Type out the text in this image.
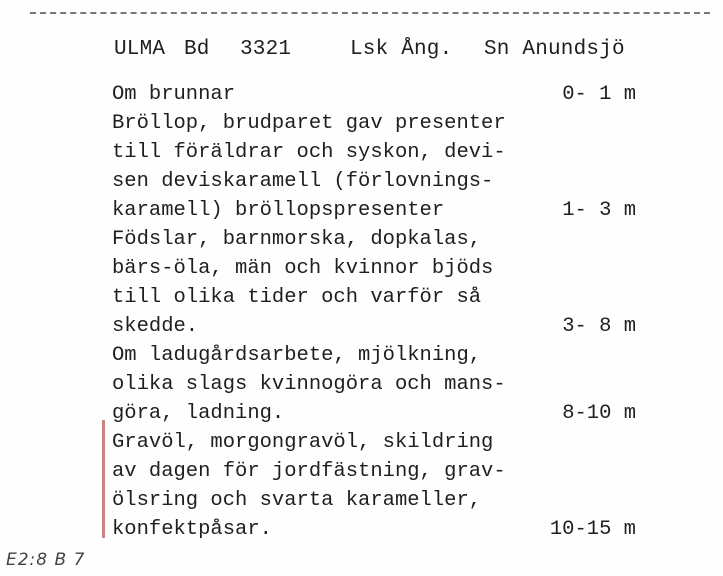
ULMA Bd 3321	Lsk Ång. Sn Anundsjö
Om brunnar	0- 1 m
Bröllop, brudparet gav presenter
till föräldrar och syskon, devi-
sen deviskaramell (förlovnings-
karamell) bröllopspresenter	1- 3 m
Födslar, barnmorska, dopkalas,
bärs-öla, män och kvinnor bjöds
till olika tider och varför så
skedde.	3- 8 m
Om ladugårdsarbete, mjölkning,
olika slags kvinnogöra och mans-
göra, ladning.	8-10 m
Gravöl, morgongravöl, skildring
av dagen för jordfästning, grav-
ölsring och svarta karameller,
konfektpåsar.	10-15 m
E2:8 B 7
